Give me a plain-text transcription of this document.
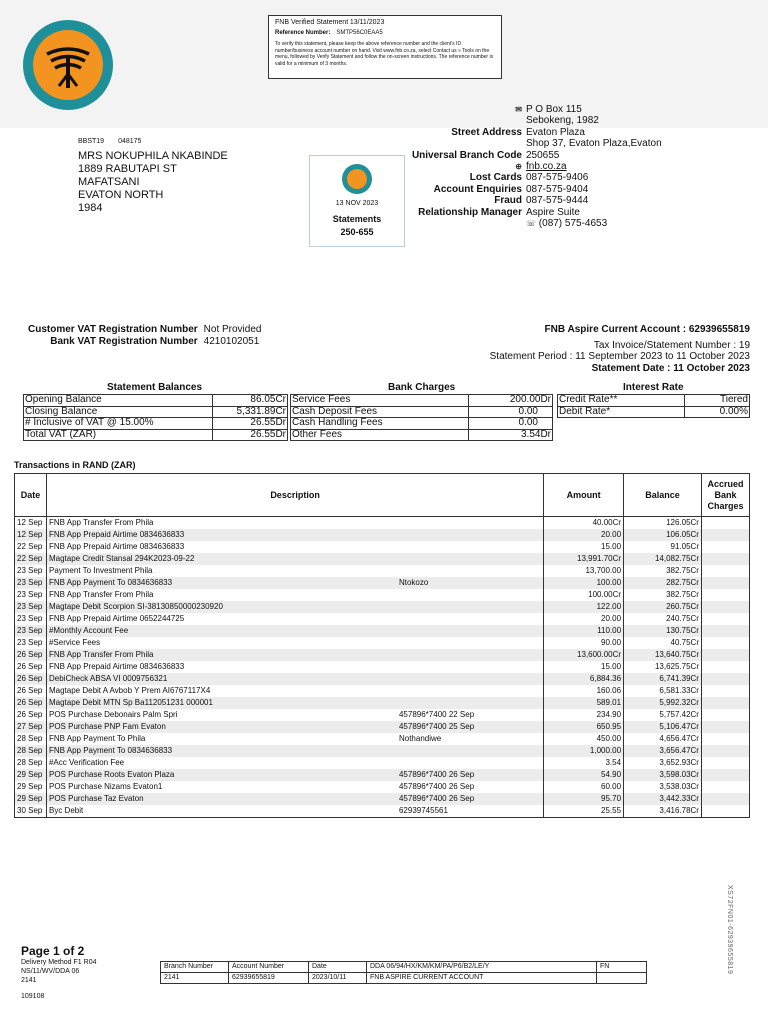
FNB Verified Statement 13/11/2023
Reference Number: SMTP56C0EAA5
To verify this statement, please keep the above reference number and the client's ID number/business account number on hand. Visit www.fnb.co.za, select Contact us » Tools on the menu, followed by Verify Statement and follow the on-screen instructions. The reference number is valid for a minimum of 3 months.
BBST19 048175
MRS NOKUPHILA NKABINDE
1889 RABUTAPI ST
MAFATSANI
EVATON NORTH
1984	13 NOV 2023
Statements
250-655
✉	P O Box 115
	Sebokeng, 1982
Street Address	Evaton Plaza
	Shop 37, Evaton Plaza,Evaton
Universal Branch Code	250655
⊕	fnb.co.za
Lost Cards	087-575-9406
Account Enquiries	087-575-9404
Fraud	087-575-9444
Relationship Manager	Aspire Suite
	☏ (087) 575-4653
Customer VAT Registration Number	Not Provided
Bank VAT Registration Number	4210102051
FNB Aspire Current Account : 62939655819
Tax Invoice/Statement Number : 19
Statement Period : 11 September 2023 to 11 October 2023
Statement Date : 11 October 2023
Statement Balances	Bank Charges	Interest Rate
Opening Balance	86.05Cr
Closing Balance	5,331.89Cr
# Inclusive of VAT @ 15.00%	26.55Dr
Total VAT (ZAR)	26.55Dr
Service Fees	200.00Dr
Cash Deposit Fees	0.00
Cash Handling Fees	0.00
Other Fees	3.54Dr
Credit Rate**	Tiered
Debit Rate*	0.00%
Transactions in RAND (ZAR)
Date	Description	Amount	Balance	Accrued Bank Charges
12 Sep	FNB App Transfer From Phila	40.00Cr	126.05Cr	
12 Sep	FNB App Prepaid Airtime 0834636833	20.00	106.05Cr	
22 Sep	FNB App Prepaid Airtime 0834636833	15.00	91.05Cr	
22 Sep	Magtape Credit Stansal 294K2023-09-22	13,991.70Cr	14,082.75Cr	
23 Sep	Payment To Investment Phila	13,700.00	382.75Cr	
23 Sep	FNB App Payment To 0834636833 Ntokozo	100.00	282.75Cr	
23 Sep	FNB App Transfer From Phila	100.00Cr	382.75Cr	
23 Sep	Magtape Debit Scorpion SI-38130850000230920	122.00	260.75Cr	
23 Sep	FNB App Prepaid Airtime 0652244725	20.00	240.75Cr	
23 Sep	#Monthly Account Fee	110.00	130.75Cr	
23 Sep	#Service Fees	90.00	40.75Cr	
26 Sep	FNB App Transfer From Phila	13,600.00Cr	13,640.75Cr	
26 Sep	FNB App Prepaid Airtime 0834636833	15.00	13,625.75Cr	
26 Sep	DebiCheck ABSA VI 0009756321	6,884.36	6,741.39Cr	
26 Sep	Magtape Debit A Avbob Y Prem AI6767117X4	160.06	6,581.33Cr	
26 Sep	Magtape Debit MTN Sp Ba112051231 000001	589.01	5,992.32Cr	
26 Sep	POS Purchase Debonairs Palm Spri 457896*7400 22 Sep	234.90	5,757.42Cr	
27 Sep	POS Purchase PNP Fam Evaton 457896*7400 25 Sep	650.95	5,106.47Cr	
28 Sep	FNB App Payment To Phila Nothandiwe	450.00	4,656.47Cr	
28 Sep	FNB App Payment To 0834636833	1,000.00	3,656.47Cr	
28 Sep	#Acc Verification Fee	3.54	3,652.93Cr	
29 Sep	POS Purchase Roots Evaton Plaza 457896*7400 26 Sep	54.90	3,598.03Cr	
29 Sep	POS Purchase Nizams Evaton1 457896*7400 26 Sep	60.00	3,538.03Cr	
29 Sep	POS Purchase Taz Evaton 457896*7400 26 Sep	95.70	3,442.33Cr	
30 Sep	Byc Debit 62939745561	25.55	3,416.78Cr	
XS72FN01-62939655819
Page 1 of 2
Delivery Method F1 R04
NS/11/WV/DDA 06
2141
Branch Number	Account Number	Date	DDA 06/94/HX/KM/KM/PA/P6/B2/LE/Y	FN
2141	62939655819	2023/10/11	FNB ASPIRE CURRENT ACCOUNT	
109108
